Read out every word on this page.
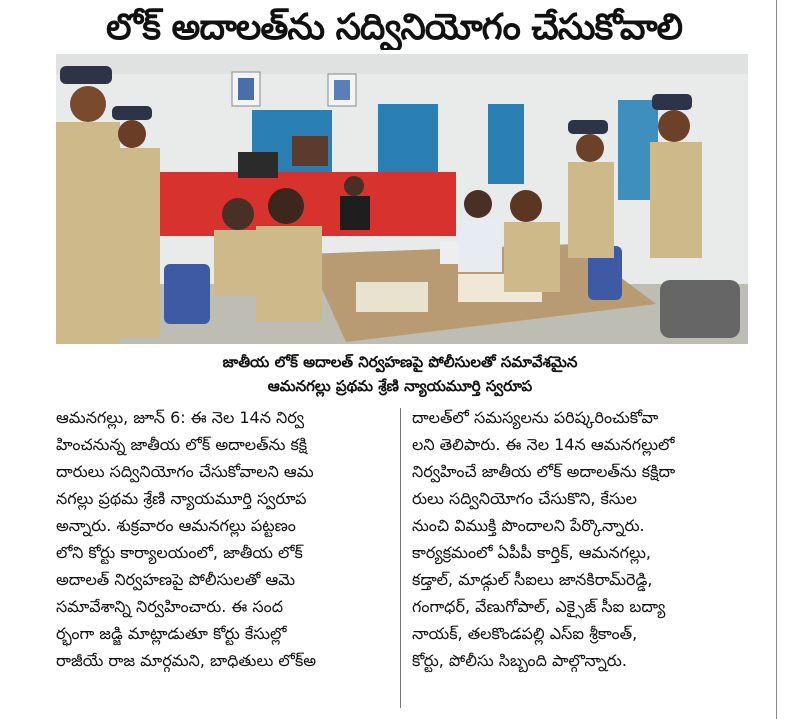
లోక్ అదాలత్‌ను సద్వినియోగం చేసుకోవాలి
జాతీయ లోక్ అదాలత్ నిర్వహణపై పోలీసులతో సమావేశమైన
ఆమనగల్లు ప్రథమ శ్రేణి న్యాయమూర్తి స్వరూప
ఆమనగల్లు, జూన్ 6: ఈ నెల 14న నిర్వ
హించనున్న జాతీయ లోక్ అదాలత్‌ను కక్షి
దారులు సద్వినియోగం చేసుకోవాలని ఆమ
నగల్లు ప్రథమ శ్రేణి న్యాయమూర్తి స్వరూప
అన్నారు. శుక్రవారం ఆమనగల్లు పట్టణం
లోని కోర్టు కార్యాలయంలో, జాతీయ లోక్
అదాలత్ నిర్వహణపై పోలీసులతో ఆమె
సమావేశాన్ని నిర్వహించారు. ఈ సంద
ర్భంగా జడ్జి మాట్లాడుతూ కోర్టు కేసుల్లో
రాజీయే రాజ మార్గమని, బాధితులు లోక్‌అ
దాలత్‌లో సమస్యలను పరిష్కరించుకోవా
లని తెలిపారు. ఈ నెల 14న ఆమనగల్లులో
నిర్వహించే జాతీయ లోక్ అదాలత్‌ను కక్షిదా
రులు సద్వినియోగం చేసుకొని, కేసుల
నుంచి విముక్తి పొందాలని పేర్కొన్నారు.
కార్యక్రమంలో ఏపీపీ కార్తిక్, ఆమనగల్లు,
కడ్తాల్, మాడ్గుల్ సీఐలు జానకిరామ్‌రెడ్డి,
గంగాధర్, వేణుగోపాల్, ఎక్సైజ్ సీఐ బద్యా
నాయక్, తలకొండపల్లి ఎస్ఐ శ్రీకాంత్,
కోర్టు, పోలీసు సిబ్బంది పాల్గొన్నారు.
